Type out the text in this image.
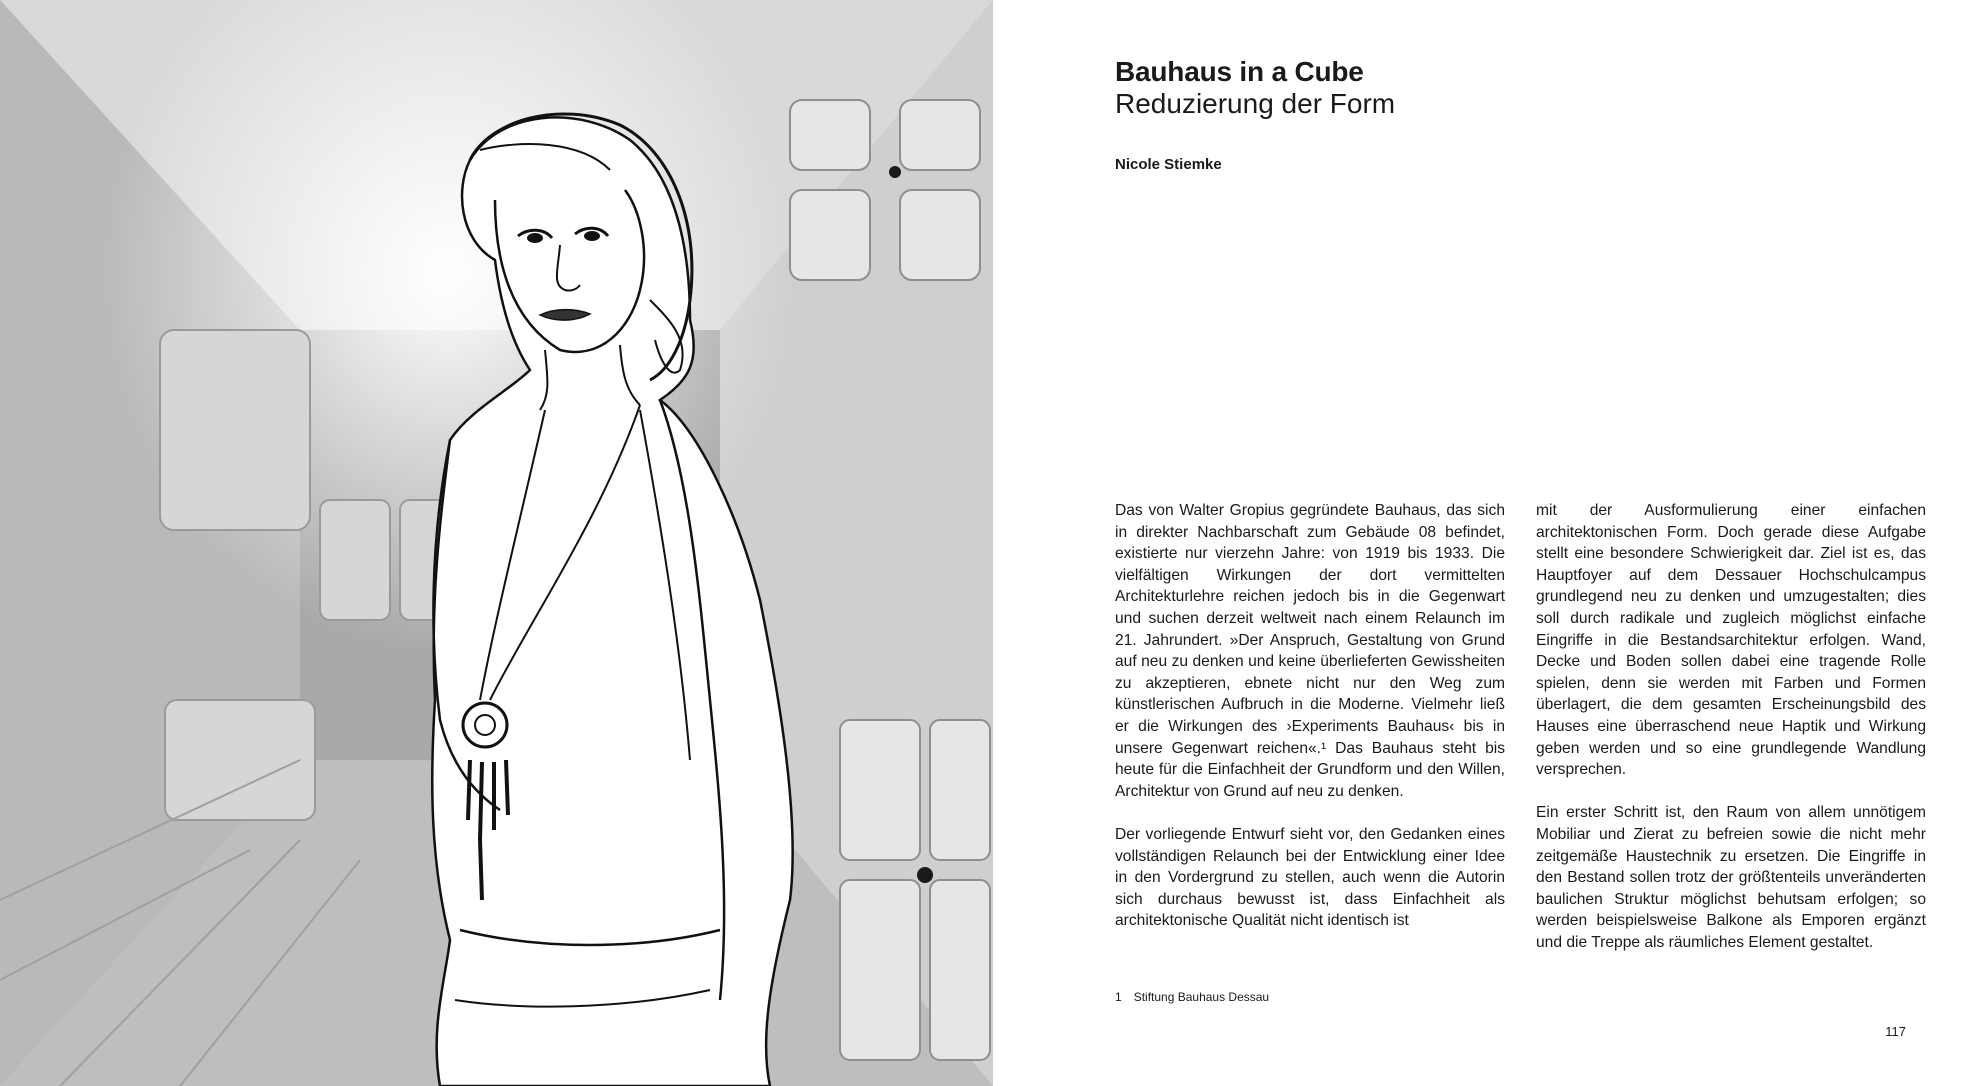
Bauhaus in a Cube
Reduzierung der Form
Nicole Stiemke

Das von Walter Gropius gegründete Bauhaus, das sich in direkter Nachbarschaft zum Gebäude 08 befindet, existierte nur vierzehn Jahre: von 1919 bis 1933. Die vielfältigen Wirkungen der dort vermittelten Architekturlehre reichen jedoch bis in die Gegenwart und suchen derzeit weltweit nach einem Relaunch im 21. Jahrundert. »Der Anspruch, Gestaltung von Grund auf neu zu denken und keine überlieferten Gewissheiten zu akzeptieren, ebnete nicht nur den Weg zum künstlerischen Aufbruch in die Moderne. Vielmehr ließ er die Wirkungen des ›Experiments Bauhaus‹ bis in unsere Gegenwart reichen«.¹ Das Bauhaus steht bis heute für die Einfachheit der Grundform und den Willen, Architektur von Grund auf neu zu denken.

Der vorliegende Entwurf sieht vor, den Gedanken eines vollständigen Relaunch bei der Entwicklung einer Idee in den Vordergrund zu stellen, auch wenn die Autorin sich durchaus bewusst ist, dass Einfachheit als architektonische Qualität nicht identisch ist

mit der Ausformulierung einer einfachen architektonischen Form. Doch gerade diese Aufgabe stellt eine besondere Schwierigkeit dar. Ziel ist es, das Hauptfoyer auf dem Dessauer Hochschulcampus grundlegend neu zu denken und umzugestalten; dies soll durch radikale und zugleich möglichst einfache Eingriffe in die Bestandsarchitektur erfolgen. Wand, Decke und Boden sollen dabei eine tragende Rolle spielen, denn sie werden mit Farben und Formen überlagert, die dem gesamten Erscheinungsbild des Hauses eine überraschend neue Haptik und Wirkung geben werden und so eine grundlegende Wandlung versprechen.

Ein erster Schritt ist, den Raum von allem unnötigem Mobiliar und Zierat zu befreien sowie die nicht mehr zeitgemäße Haustechnik zu ersetzen. Die Eingriffe in den Bestand sollen trotz der größtenteils unveränderten baulichen Struktur möglichst behutsam erfolgen; so werden beispielsweise Balkone als Emporen ergänzt und die Treppe als räumliches Element gestaltet.

1 Stiftung Bauhaus Dessau
117
